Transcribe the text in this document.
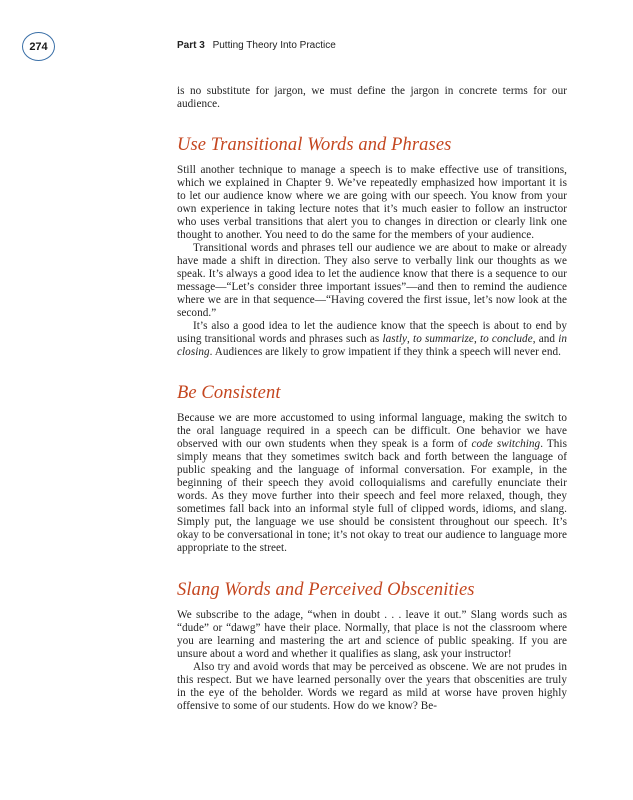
274	Part 3 Putting Theory Into Practice

is no substitute for jargon, we must define the jargon in concrete terms for our audience.

Use Transitional Words and Phrases

Still another technique to manage a speech is to make effective use of transitions, which we explained in Chapter 9. We’ve repeatedly emphasized how important it is to let our audience know where we are going with our speech. You know from your own experience in taking lecture notes that it’s much easier to follow an instructor who uses verbal transitions that alert you to changes in direction or clearly link one thought to another. You need to do the same for the members of your audience.

Transitional words and phrases tell our audience we are about to make or already have made a shift in direction. They also serve to verbally link our thoughts as we speak. It’s always a good idea to let the audience know that there is a sequence to our message—“Let’s consider three important issues”—and then to remind the audience where we are in that sequence—“Having covered the first issue, let’s now look at the second.”

It’s also a good idea to let the audience know that the speech is about to end by using transitional words and phrases such as lastly, to summarize, to conclude, and in closing. Audiences are likely to grow impatient if they think a speech will never end.

Be Consistent

Because we are more accustomed to using informal language, making the switch to the oral language required in a speech can be difficult. One behavior we have observed with our own students when they speak is a form of code switching. This simply means that they sometimes switch back and forth between the language of public speaking and the language of informal conversation. For example, in the beginning of their speech they avoid colloquialisms and carefully enunciate their words. As they move further into their speech and feel more relaxed, though, they sometimes fall back into an informal style full of clipped words, idioms, and slang. Simply put, the language we use should be consistent throughout our speech. It’s okay to be conversational in tone; it’s not okay to treat our audience to language more appropriate to the street.

Slang Words and Perceived Obscenities

We subscribe to the adage, “when in doubt . . . leave it out.” Slang words such as “dude” or “dawg” have their place. Normally, that place is not the classroom where you are learning and mastering the art and science of public speaking. If you are unsure about a word and whether it qualifies as slang, ask your instructor!

Also try and avoid words that may be perceived as obscene. We are not prudes in this respect. But we have learned personally over the years that obscenities are truly in the eye of the beholder. Words we regard as mild at worse have proven highly offensive to some of our students. How do we know? Be-
